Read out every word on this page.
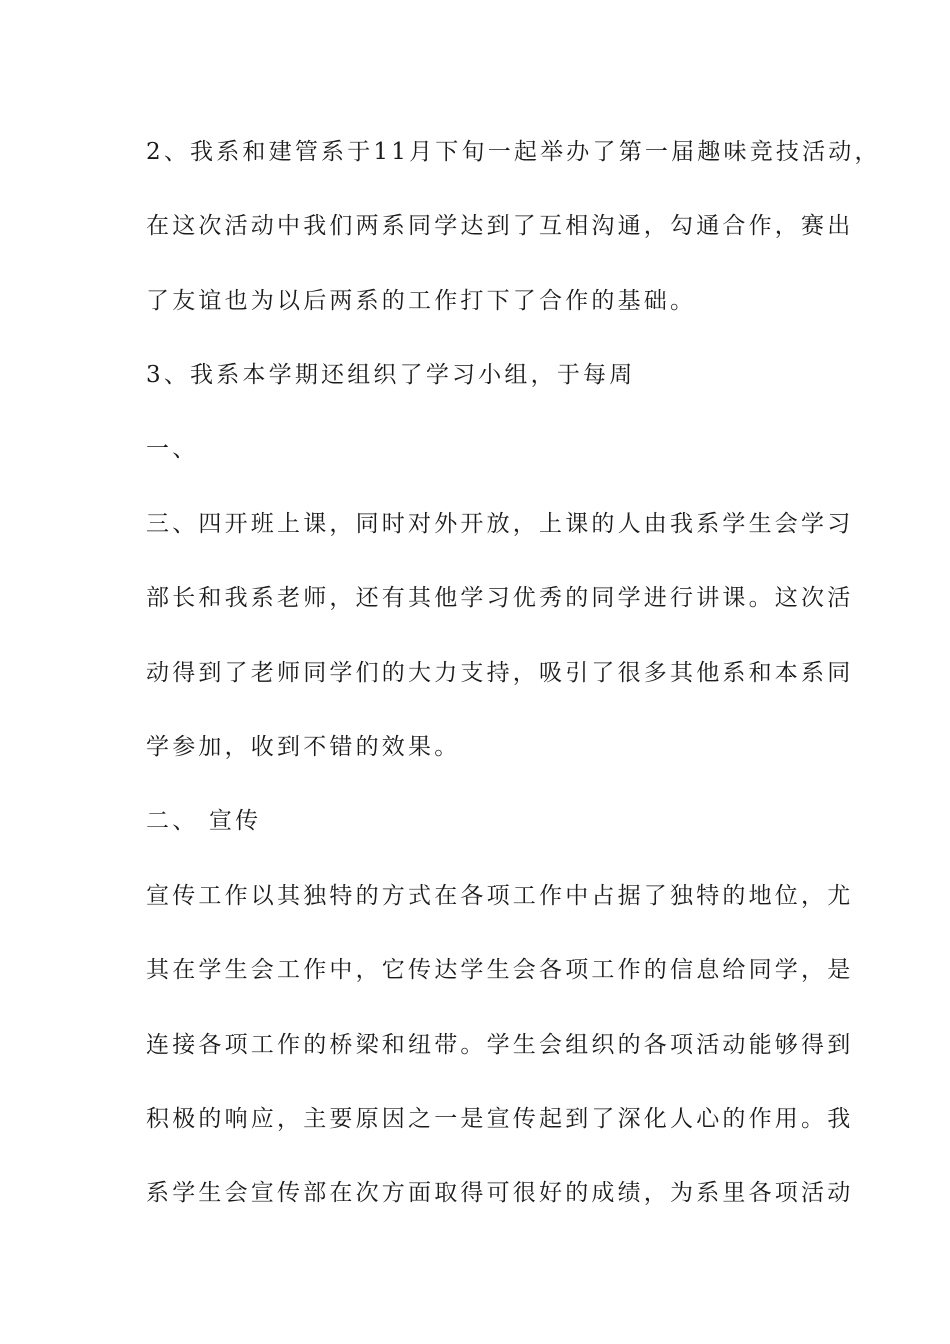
2、我系和建管系于11月下旬一起举办了第一届趣味竞技活动，
在这次活动中我们两系同学达到了互相沟通，勾通合作，赛出
了友谊也为以后两系的工作打下了合作的基础。
3、我系本学期还组织了学习小组，于每周
一、
三、四开班上课，同时对外开放，上课的人由我系学生会学习
部长和我系老师，还有其他学习优秀的同学进行讲课。这次活
动得到了老师同学们的大力支持，吸引了很多其他系和本系同
学参加，收到不错的效果。
二、 宣传
宣传工作以其独特的方式在各项工作中占据了独特的地位，尤
其在学生会工作中，它传达学生会各项工作的信息给同学，是
连接各项工作的桥梁和纽带。学生会组织的各项活动能够得到
积极的响应，主要原因之一是宣传起到了深化人心的作用。我
系学生会宣传部在次方面取得可很好的成绩，为系里各项活动
